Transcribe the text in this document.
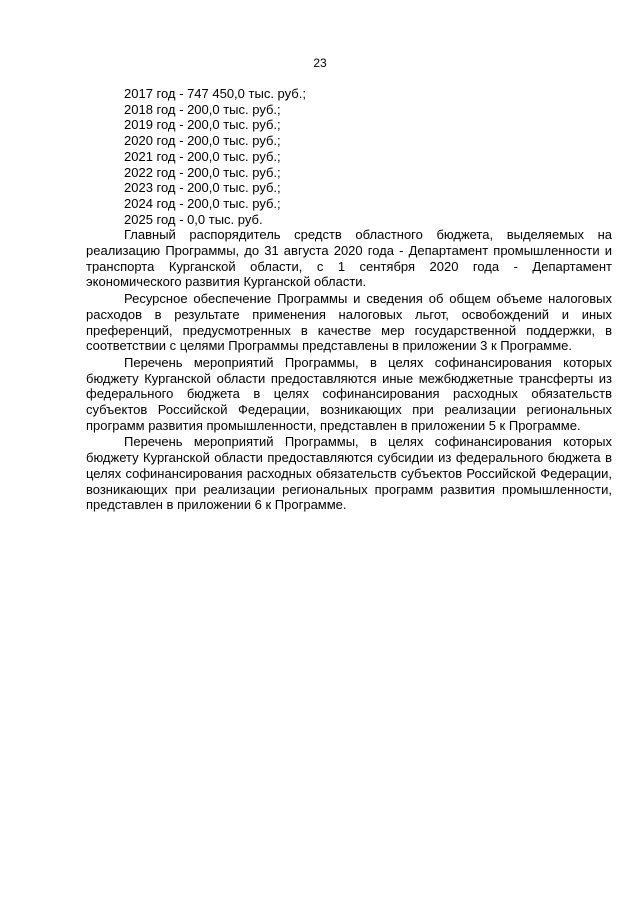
23
2017 год - 747 450,0 тыс. руб.;
2018 год - 200,0 тыс. руб.;
2019 год - 200,0 тыс. руб.;
2020 год - 200,0 тыс. руб.;
2021 год - 200,0 тыс. руб.;
2022 год - 200,0 тыс. руб.;
2023 год - 200,0 тыс. руб.;
2024 год - 200,0 тыс. руб.;
2025 год - 0,0 тыс. руб.

Главный распорядитель средств областного бюджета, выделяемых на реализацию Программы, до 31 августа 2020 года - Департамент промышленности и транспорта Курганской области, с 1 сентября 2020 года - Департамент экономического развития Курганской области.

Ресурсное обеспечение Программы и сведения об общем объеме налоговых расходов в результате применения налоговых льгот, освобождений и иных преференций, предусмотренных в качестве мер государственной поддержки, в соответствии с целями Программы представлены в приложении 3 к Программе.

Перечень мероприятий Программы, в целях софинансирования которых бюджету Курганской области предоставляются иные межбюджетные трансферты из федерального бюджета в целях софинансирования расходных обязательств субъектов Российской Федерации, возникающих при реализации региональных программ развития промышленности, представлен в приложении 5 к Программе.

Перечень мероприятий Программы, в целях софинансирования которых бюджету Курганской области предоставляются субсидии из федерального бюджета в целях софинансирования расходных обязательств субъектов Российской Федерации, возникающих при реализации региональных программ развития промышленности, представлен в приложении 6 к Программе.
